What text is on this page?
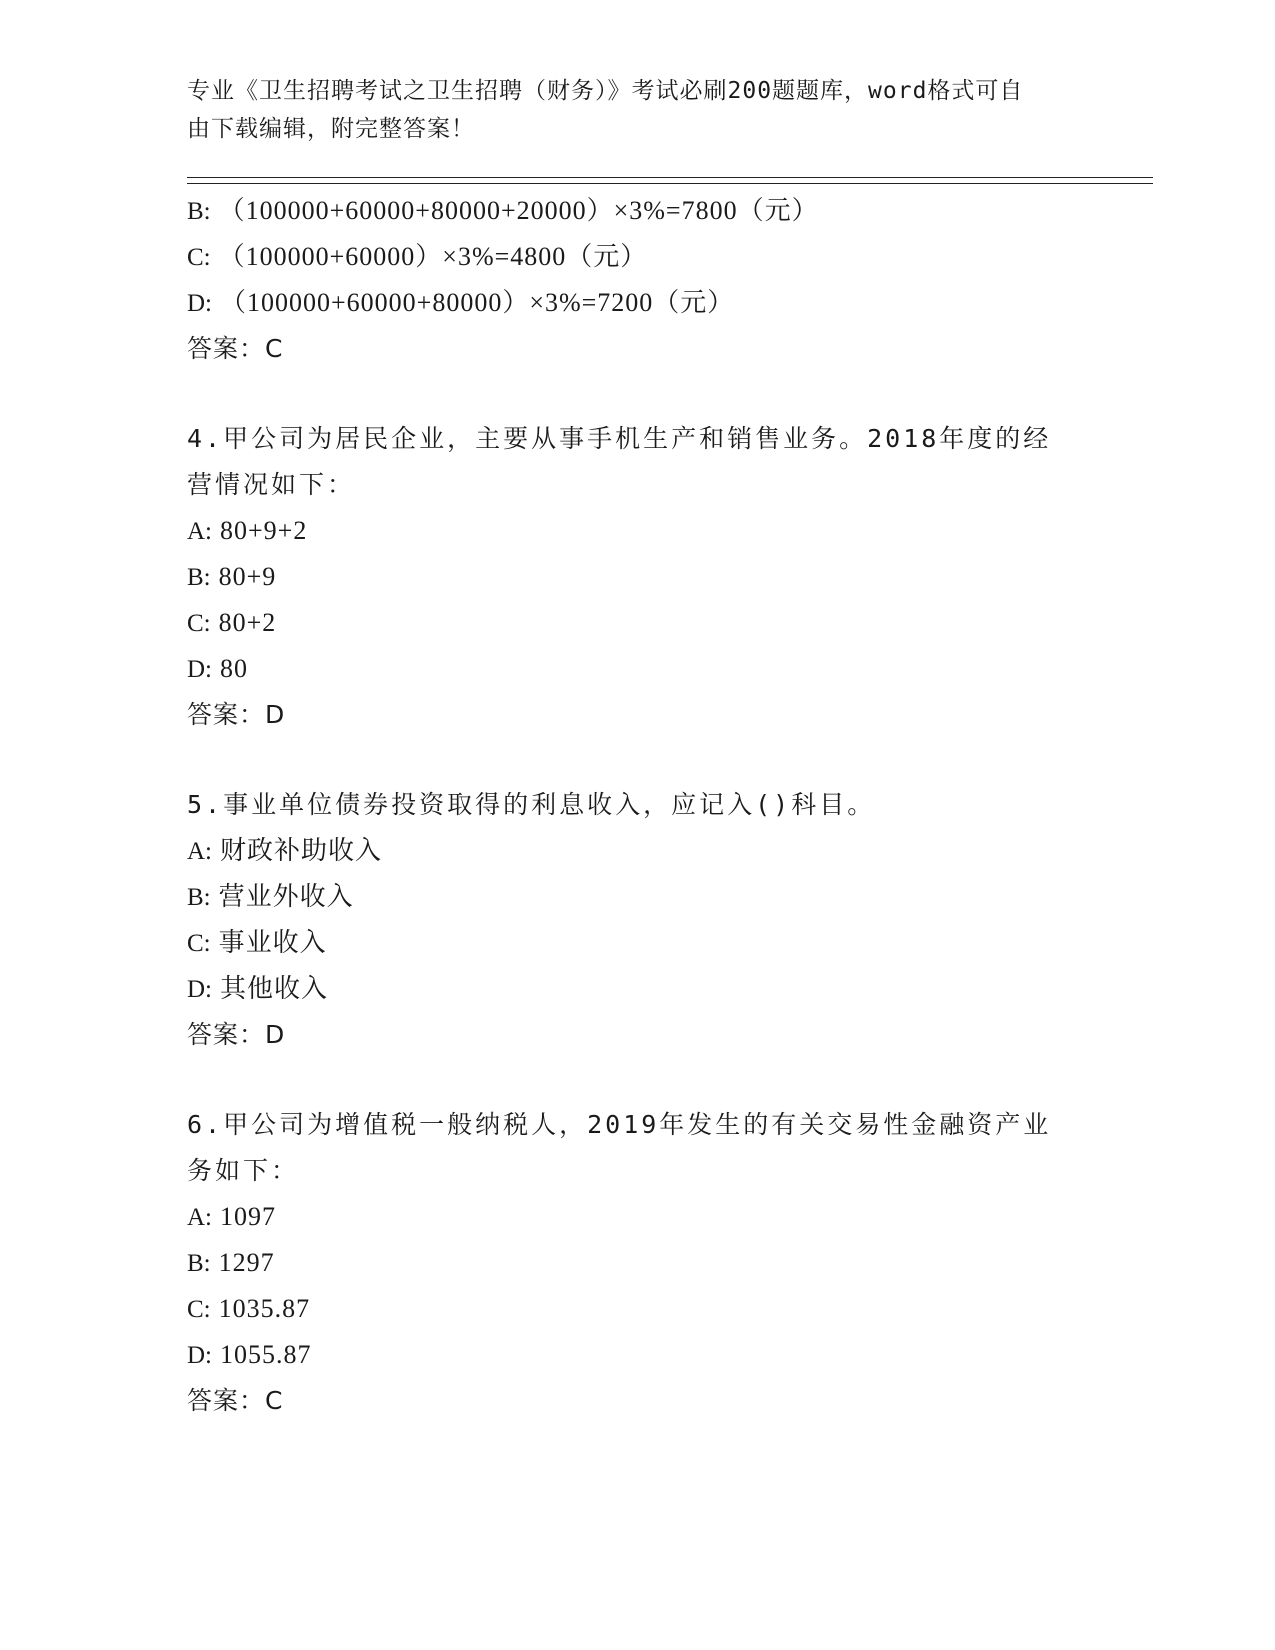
专业《卫生招聘考试之卫生招聘（财务）》考试必刷200题题库，word格式可自
由下载编辑，附完整答案！
B: （100000+60000+80000+20000）×3%=7800（元）
C: （100000+60000）×3%=4800（元）
D: （100000+60000+80000）×3%=7200（元）
答案：C
4.甲公司为居民企业，主要从事手机生产和销售业务。2018年度的经
营情况如下：
A: 80+9+2
B: 80+9
C: 80+2
D: 80
答案：D
5.事业单位债券投资取得的利息收入，应记入()科目。
A: 财政补助收入
B: 营业外收入
C: 事业收入
D: 其他收入
答案：D
6.甲公司为增值税一般纳税人，2019年发生的有关交易性金融资产业
务如下：
A: 1097
B: 1297
C: 1035.87
D: 1055.87
答案：C
